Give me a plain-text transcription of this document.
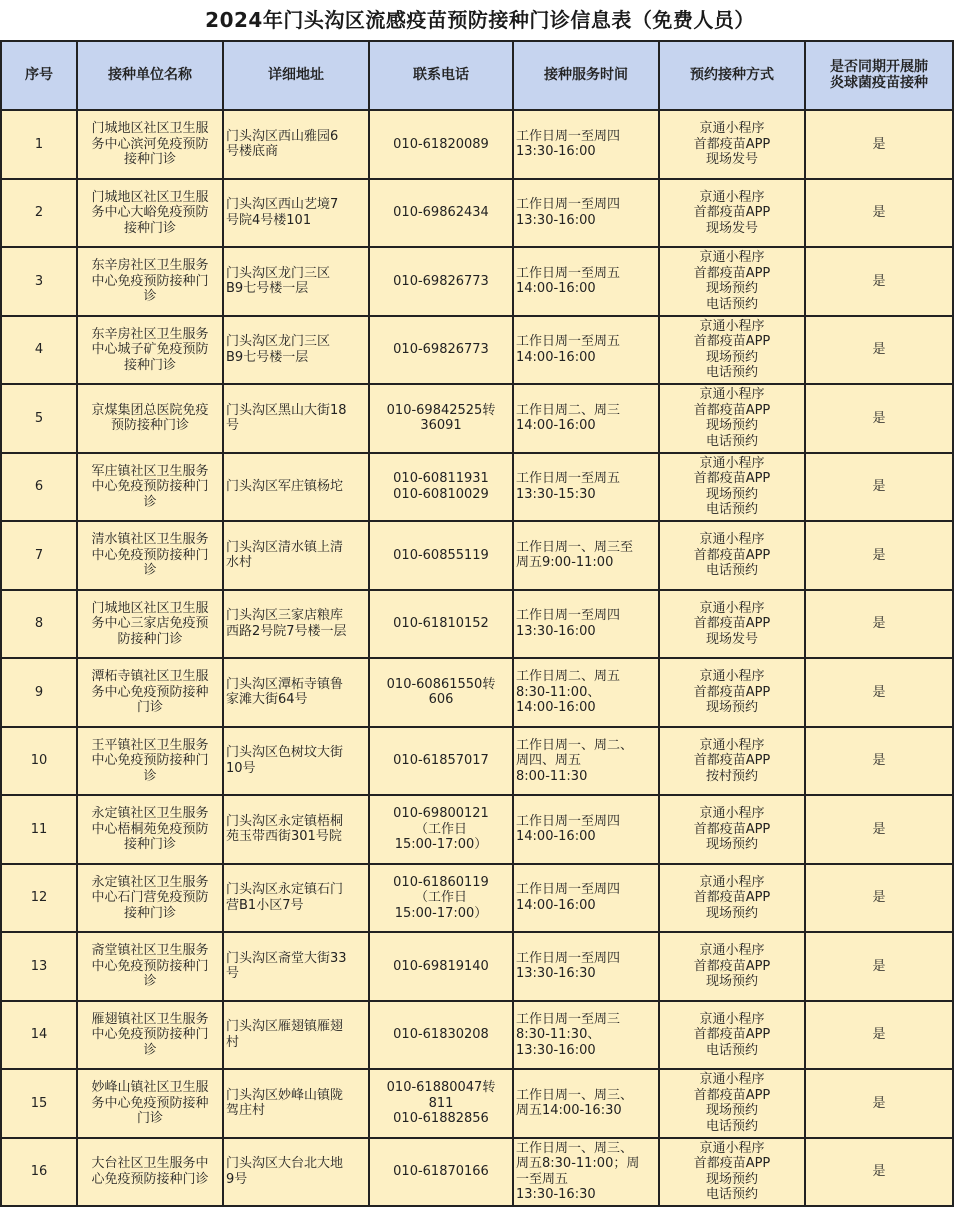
2024年门头沟区流感疫苗预防接种门诊信息表（免费人员）
序号	接种单位名称	详细地址	联系电话	接种服务时间	预约接种方式	是否同期开展肺
炎球菌疫苗接种
1	门城地区社区卫生服
务中心滨河免疫预防
接种门诊	门头沟区西山雅园6
号楼底商	010-61820089	工作日周一至周四
13:30-16:00	京通小程序
首都疫苗APP
现场发号	是
2	门城地区社区卫生服
务中心大峪免疫预防
接种门诊	门头沟区西山艺境7
号院4号楼101	010-69862434	工作日周一至周四
13:30-16:00	京通小程序
首都疫苗APP
现场发号	是
3	东辛房社区卫生服务
中心免疫预防接种门
诊	门头沟区龙门三区
B9七号楼一层	010-69826773	工作日周一至周五
14:00-16:00	京通小程序
首都疫苗APP
现场预约
电话预约	是
4	东辛房社区卫生服务
中心城子矿免疫预防
接种门诊	门头沟区龙门三区
B9七号楼一层	010-69826773	工作日周一至周五
14:00-16:00	京通小程序
首都疫苗APP
现场预约
电话预约	是
5	京煤集团总医院免疫
预防接种门诊	门头沟区黑山大街18
号	010-69842525转
36091	工作日周二、周三
14:00-16:00	京通小程序
首都疫苗APP
现场预约
电话预约	是
6	军庄镇社区卫生服务
中心免疫预防接种门
诊	门头沟区军庄镇杨坨	010-60811931
010-60810029	工作日周一至周五
13:30-15:30	京通小程序
首都疫苗APP
现场预约
电话预约	是
7	清水镇社区卫生服务
中心免疫预防接种门
诊	门头沟区清水镇上清
水村	010-60855119	工作日周一、周三至
周五9:00-11:00	京通小程序
首都疫苗APP
电话预约	是
8	门城地区社区卫生服
务中心三家店免疫预
防接种门诊	门头沟区三家店粮库
西路2号院7号楼一层	010-61810152	工作日周一至周四
13:30-16:00	京通小程序
首都疫苗APP
现场发号	是
9	潭柘寺镇社区卫生服
务中心免疫预防接种
门诊	门头沟区潭柘寺镇鲁
家滩大街64号	010-60861550转
606	工作日周二、周五
8:30-11:00、
14:00-16:00	京通小程序
首都疫苗APP
现场预约	是
10	王平镇社区卫生服务
中心免疫预防接种门
诊	门头沟区色树坟大街
10号	010-61857017	工作日周一、周二、
周四、周五
8:00-11:30	京通小程序
首都疫苗APP
按村预约	是
11	永定镇社区卫生服务
中心梧桐苑免疫预防
接种门诊	门头沟区永定镇梧桐
苑玉带西街301号院	010-69800121
（工作日
15:00-17:00）	工作日周一至周四
14:00-16:00	京通小程序
首都疫苗APP
现场预约	是
12	永定镇社区卫生服务
中心石门营免疫预防
接种门诊	门头沟区永定镇石门
营B1小区7号	010-61860119
（工作日
15:00-17:00）	工作日周一至周四
14:00-16:00	京通小程序
首都疫苗APP
现场预约	是
13	斋堂镇社区卫生服务
中心免疫预防接种门
诊	门头沟区斋堂大街33
号	010-69819140	工作日周一至周四
13:30-16:30	京通小程序
首都疫苗APP
现场预约	是
14	雁翅镇社区卫生服务
中心免疫预防接种门
诊	门头沟区雁翅镇雁翅
村	010-61830208	工作日周一至周三
8:30-11:30、
13:30-16:00	京通小程序
首都疫苗APP
电话预约	是
15	妙峰山镇社区卫生服
务中心免疫预防接种
门诊	门头沟区妙峰山镇陇
驾庄村	010-61880047转
811
010-61882856	工作日周一、周三、
周五14:00-16:30	京通小程序
首都疫苗APP
现场预约
电话预约	是
16	大台社区卫生服务中
心免疫预防接种门诊	门头沟区大台北大地
9号	010-61870166	工作日周一、周三、
周五8:30-11:00；周
一至周五
13:30-16:30	京通小程序
首都疫苗APP
现场预约
电话预约	是
